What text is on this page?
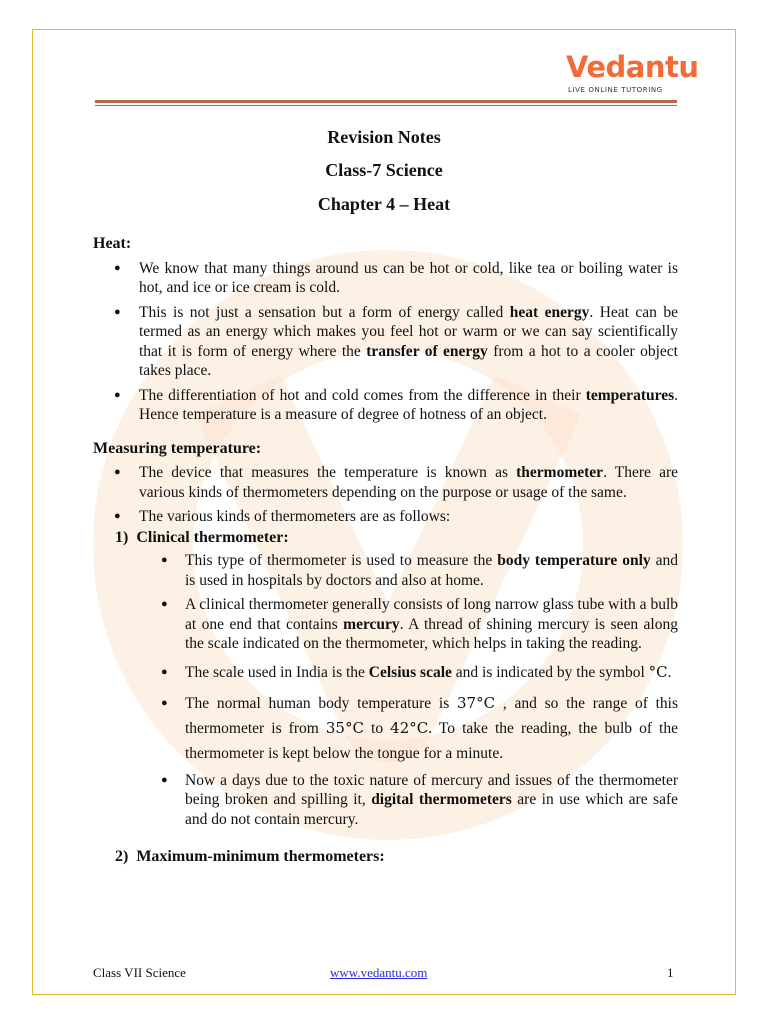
Vedantu
LIVE ONLINE TUTORING
Revision Notes
Class-7 Science
Chapter 4 – Heat

Heat:

● We know that many things around us can be hot or cold, like tea or boiling water is hot, and ice or ice cream is cold.
● This is not just a sensation but a form of energy called heat energy. Heat can be termed as an energy which makes you feel hot or warm or we can say scientifically that it is form of energy where the transfer of energy from a hot to a cooler object takes place.
● The differentiation of hot and cold comes from the difference in their temperatures. Hence temperature is a measure of degree of hotness of an object.

Measuring temperature:

● The device that measures the temperature is known as thermometer. There are various kinds of thermometers depending on the purpose or usage of the same.
● The various kinds of thermometers are as follows:

1) Clinical thermometer:

● This type of thermometer is used to measure the body temperature only and is used in hospitals by doctors and also at home.
● A clinical thermometer generally consists of long narrow glass tube with a bulb at one end that contains mercury. A thread of shining mercury is seen along the scale indicated on the thermometer, which helps in taking the reading.
● The scale used in India is the Celsius scale and is indicated by the symbol °C.
● The normal human body temperature is 37°C , and so the range of this thermometer is from 35°C to 42°C. To take the reading, the bulb of the thermometer is kept below the tongue for a minute.
● Now a days due to the toxic nature of mercury and issues of the thermometer being broken and spilling it, digital thermometers are in use which are safe and do not contain mercury.

2) Maximum-minimum thermometers:

Class VII Science	www.vedantu.com	1
